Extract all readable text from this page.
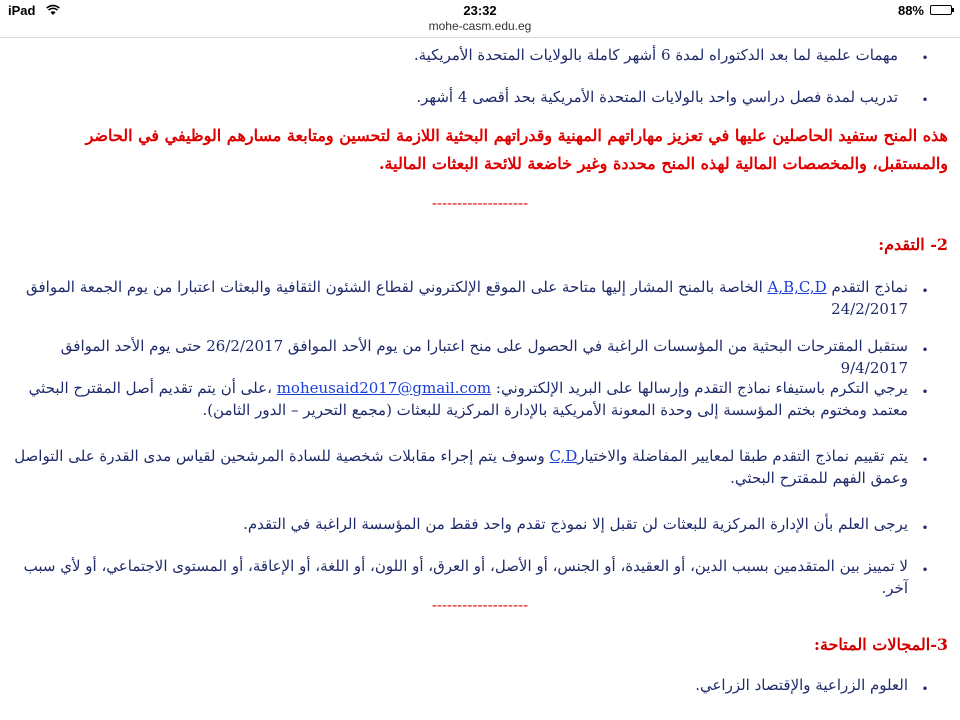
iPad	23:32	88%
mohe-casm.edu.eg
•
مهمات علمية لما بعد الدكتوراه لمدة 6 أشهر كاملة بالولايات المتحدة الأمريكية.
•
تدريب لمدة فصل دراسي واحد بالولايات المتحدة الأمريكية بحد أقصى 4 أشهر.
هذه المنح ستفيد الحاصلين عليها في تعزيز مهاراتهم المهنية وقدراتهم البحثية اللازمة لتحسين ومتابعة مسارهم الوظيفي في الحاضر والمستقبل، والمخصصات المالية لهذه المنح محددة وغير خاضعة للائحة البعثات المالية.
-------------------
2- التقدم:
•
نماذج التقدم A,B,C,D الخاصة بالمنح المشار إليها متاحة على الموقع الإلكتروني لقطاع الشئون الثقافية والبعثات اعتبارا من يوم الجمعة الموافق 24/2/2017
•
ستقبل المقترحات البحثية من المؤسسات الراغبة في الحصول على منح اعتبارا من يوم الأحد الموافق 26/2/2017 حتى يوم الأحد الموافق 9/4/2017
•
يرجي التكرم باستيفاء نماذج التقدم وإرسالها على البريد الإلكتروني: moheusaid2017@gmail.com ،على أن يتم تقديم أصل المقترح البحثي معتمد ومختوم بختم المؤسسة إلى وحدة المعونة الأمريكية بالإدارة المركزية للبعثات (مجمع التحرير – الدور الثامن).
•
يتم تقييم نماذج التقدم طبقا لمعايير المفاضلة والاختيارC,D وسوف يتم إجراء مقابلات شخصية للسادة المرشحين لقياس مدى القدرة على التواصل وعمق الفهم للمقترح البحثي.
•
يرجى العلم بأن الإدارة المركزية للبعثات لن تقبل إلا نموذج تقدم واحد فقط من المؤسسة الراغبة في التقدم.
•
لا تمييز بين المتقدمين بسبب الدين، أو العقيدة، أو الجنس، أو الأصل، أو العرق، أو اللون، أو اللغة، أو الإعاقة، أو المستوى الاجتماعي، أو لأي سبب آخر.
-------------------
3-المجالات المتاحة:
•
العلوم الزراعية والإقتصاد الزراعي.
